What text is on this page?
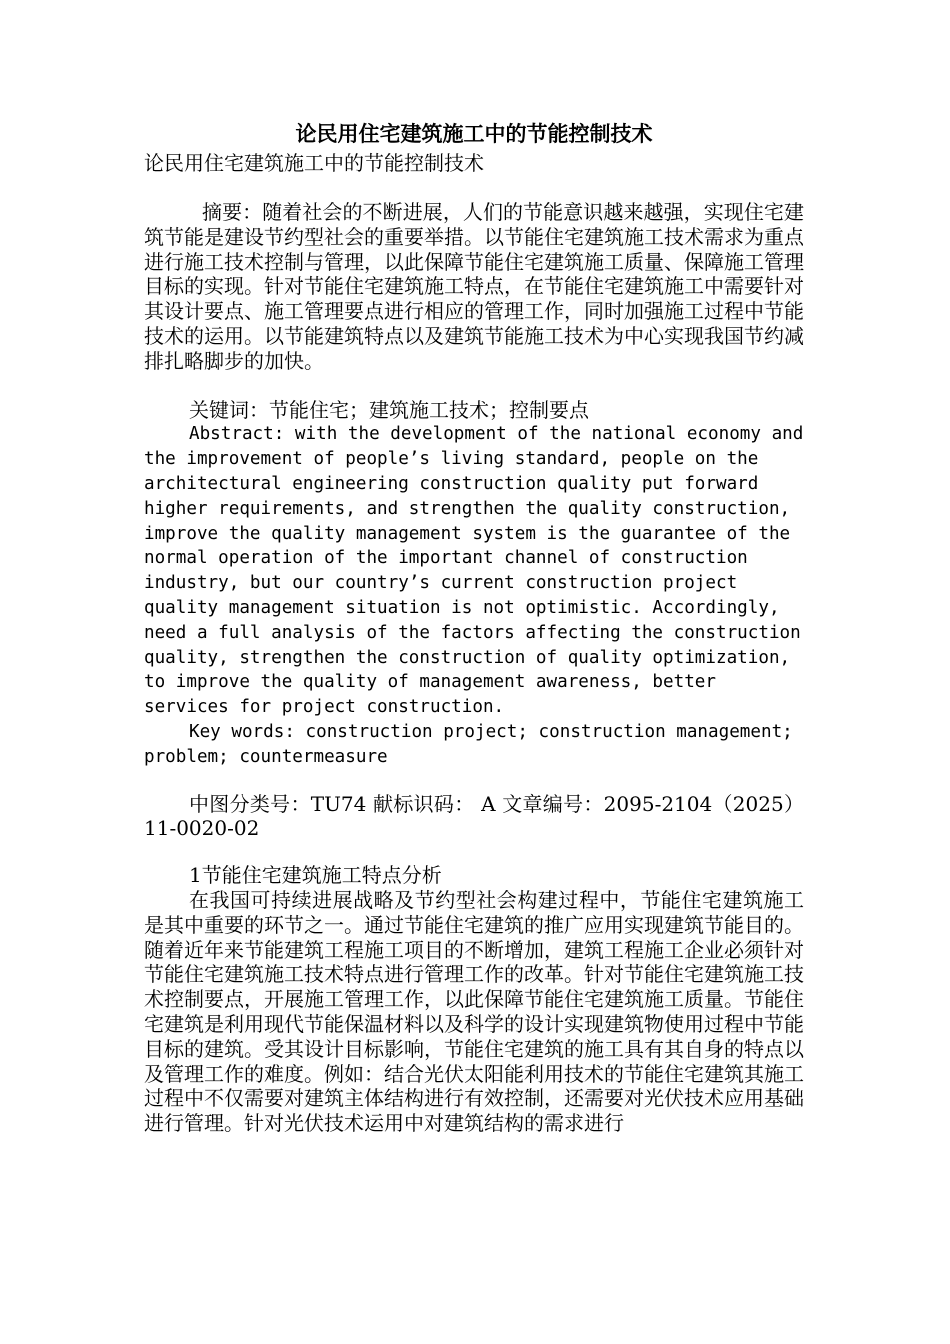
论民用住宅建筑施工中的节能控制技术

论民用住宅建筑施工中的节能控制技术

摘要：随着社会的不断进展，人们的节能意识越来越强，实现住宅建筑节能是建设节约型社会的重要举措。以节能住宅建筑施工技术需求为重点进行施工技术控制与管理，以此保障节能住宅建筑施工质量、保障施工管理目标的实现。针对节能住宅建筑施工特点，在节能住宅建筑施工中需要针对其设计要点、施工管理要点进行相应的管理工作，同时加强施工过程中节能技术的运用。以节能建筑特点以及建筑节能施工技术为中心实现我国节约减排扎略脚步的加快。

关键词：节能住宅；建筑施工技术；控制要点

Abstract: with the development of the national economy and the improvement of people’s living standard, people on the architectural engineering construction quality put forward higher requirements, and strengthen the quality construction, improve the quality management system is the guarantee of the normal operation of the important channel of construction industry, but our country’s current construction project quality management situation is not optimistic. Accordingly, need a full analysis of the factors affecting the construction quality, strengthen the construction of quality optimization, to improve the quality of management awareness, better services for project construction.

Key words: construction project; construction management; problem; countermeasure

中图分类号：TU74 献标识码： A 文章编号：2095-2104（2025）11-0020-02

1节能住宅建筑施工特点分析

在我国可持续进展战略及节约型社会构建过程中，节能住宅建筑施工是其中重要的环节之一。通过节能住宅建筑的推广应用实现建筑节能目的。随着近年来节能建筑工程施工项目的不断增加，建筑工程施工企业必须针对节能住宅建筑施工技术特点进行管理工作的改革。针对节能住宅建筑施工技术控制要点，开展施工管理工作，以此保障节能住宅建筑施工质量。节能住宅建筑是利用现代节能保温材料以及科学的设计实现建筑物使用过程中节能目标的建筑。受其设计目标影响，节能住宅建筑的施工具有其自身的特点以及管理工作的难度。例如：结合光伏太阳能利用技术的节能住宅建筑其施工过程中不仅需要对建筑主体结构进行有效控制，还需要对光伏技术应用基础进行管理。针对光伏技术运用中对建筑结构的需求进行
